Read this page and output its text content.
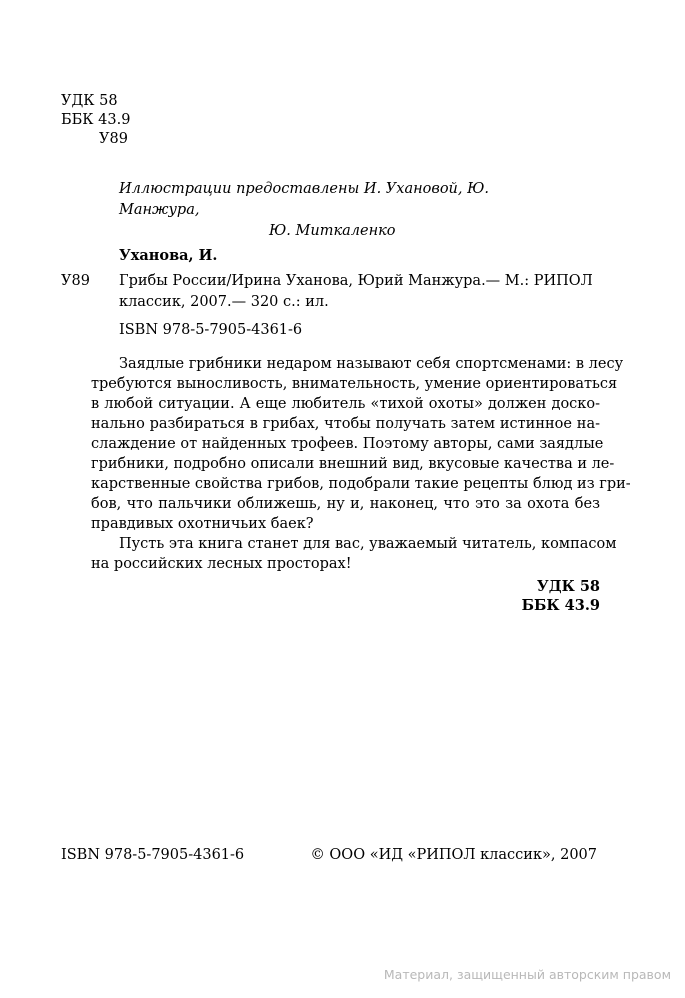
УДК 58
ББК 43.9
У89
Иллюстрации предоставлены И. Ухановой, Ю. Манжура,
Ю. Миткаленко
Уханова, И.
У89 Грибы России/Ирина Уханова, Юрий Манжура.— М.: РИПОЛ
классик, 2007.— 320 с.: ил.
ISBN 978-5-7905-4361-6
Заядлые грибники недаром называют себя спортсменами: в лесу
требуются выносливость, внимательность, умение ориентироваться
в любой ситуации. А еще любитель «тихой охоты» должен доско-
нально разбираться в грибах, чтобы получать затем истинное на-
слаждение от найденных трофеев. Поэтому авторы, сами заядлые
грибники, подробно описали внешний вид, вкусовые качества и ле-
карственные свойства грибов, подобрали такие рецепты блюд из гри-
бов, что пальчики оближешь, ну и, наконец, что это за охота без
правдивых охотничьих баек?
Пусть эта книга станет для вас, уважаемый читатель, компасом
на российских лесных просторах!
УДК 58
ББК 43.9
ISBN 978-5-7905-4361-6	© ООО «ИД «РИПОЛ классик», 2007
Материал, защищенный авторским правом
